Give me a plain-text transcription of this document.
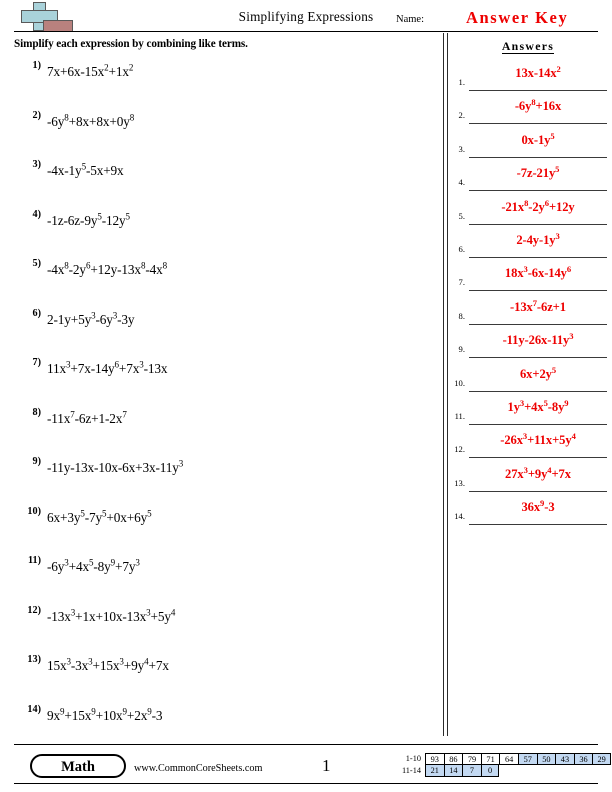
Simplifying Expressions	Name:	Answer Key
Simplify each expression by combining like terms.
1) $7x+6x-15x^2+1x^2$
2) $-6y^8+8x+8x+0y^8$
3) $-4x-1y^5-5x+9x$
4) $-1z-6z-9y^5-12y^5$
5) $-4x^8-2y^6+12y-13x^8-4x^8$
6) $2-1y+5y^3-6y^3-3y$
7) $11x^3+7x-14y^6+7x^3-13x$
8) $-11x^7-6z+1-2x^7$
9) $-11y-13x-10x-6x+3x-11y^3$
10) $6x+3y^5-7y^5+0x+6y^5$
11) $-6y^3+4x^5-8y^9+7y^3$
12) $-13x^3+1x+10x-13x^3+5y^4$
13) $15x^3-3x^3+15x^3+9y^4+7x$
14) $9x^9+15x^9+10x^9+2x^9-3$
Answers
1.
$13x-14x^2$
2.
$-6y^8+16x$
3.
$0x-1y^5$
4.
$-7z-21y^5$
5.
$-21x^8-2y^6+12y$
6.
$2-4y-1y^3$
7.
$18x^3-6x-14y^6$
8.
$-13x^7-6z+1$
9.
$-11y-26x-11y^3$
10.
$6x+2y^5$
11.
$1y^3+4x^5-8y^9$
12.
$-26x^3+11x+5y^4$
13.
$27x^3+9y^4+7x$
14.
$36x^9-3$
Math	www.CommonCoreSheets.com	1	1-10	93	86	79	71	64	57	50	43	36	29
11-14	21	14	7	0
